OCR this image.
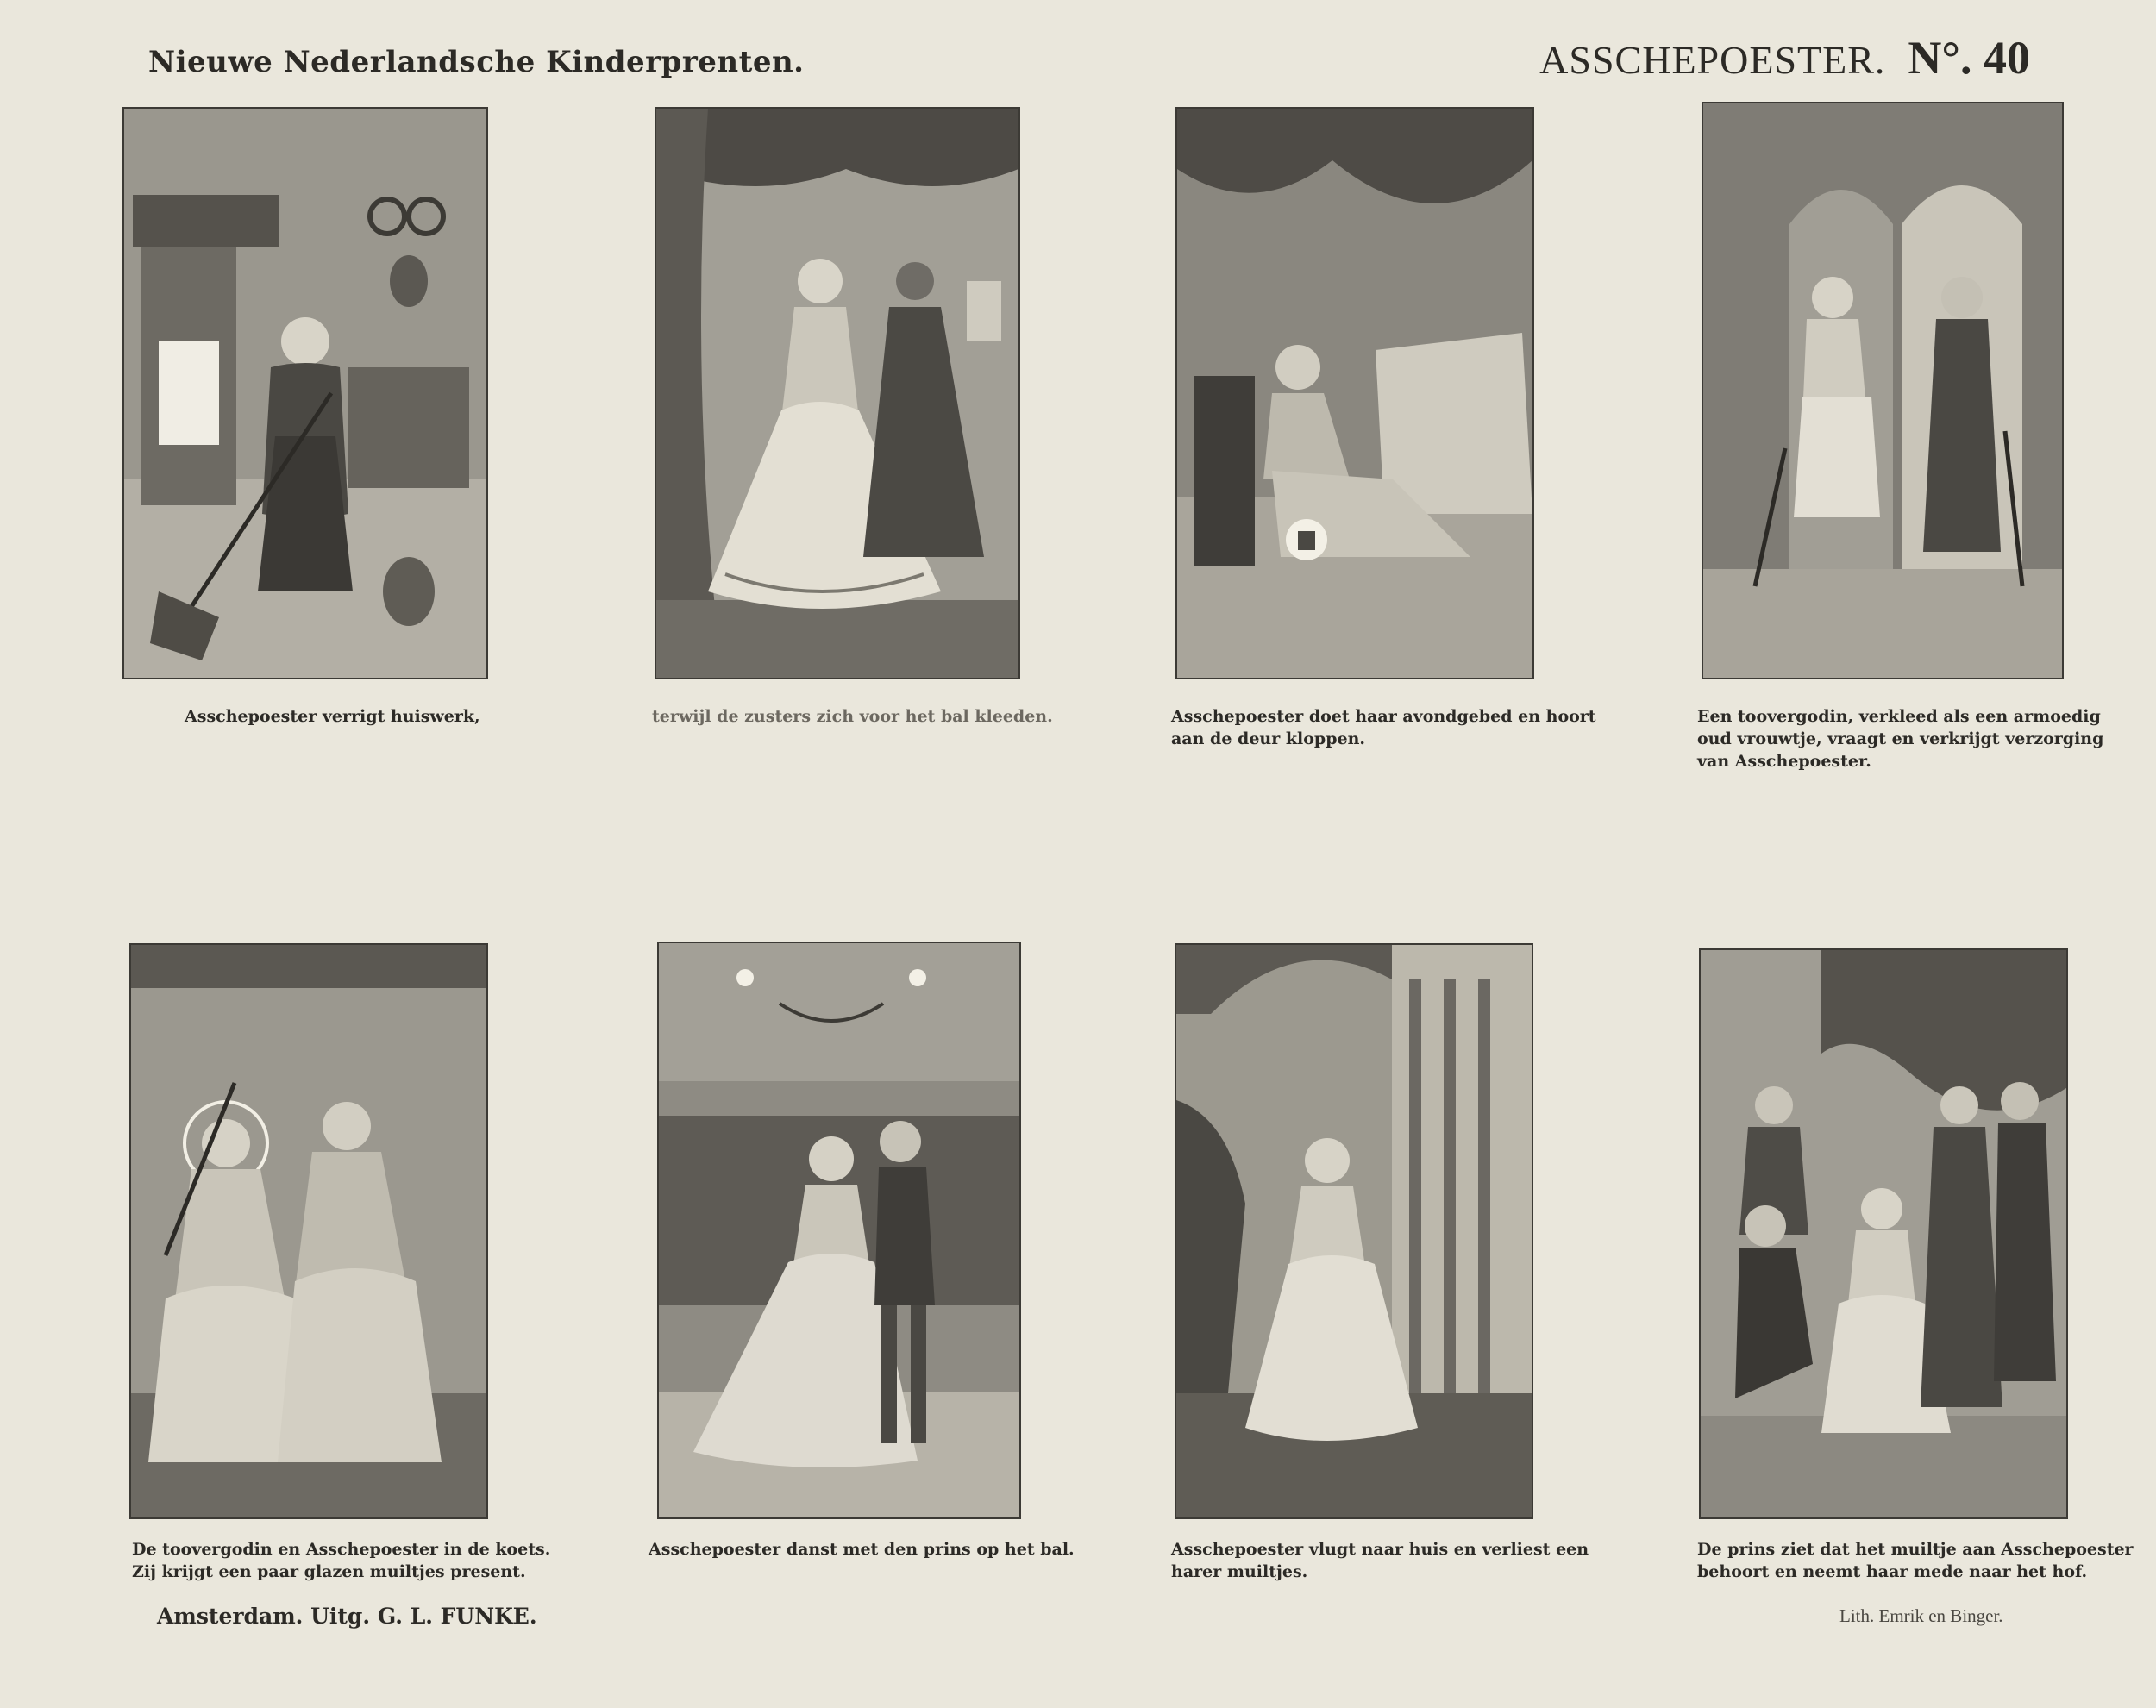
Nieuwe Nederlandsche Kinderprenten.	ASSCHEPOESTER. N°. 40
Asschepoester verrigt huiswerk,	terwijl de zusters zich voor het bal kleeden.	Asschepoester doet haar avondgebed en hoort
aan de deur kloppen.
Een toovergodin, verkleed als een armoedig
oud vrouwtje, vraagt en verkrijgt verzorging
van Asschepoester.
De toovergodin en Asschepoester in de koets.
Zij krijgt een paar glazen muiltjes present.
Asschepoester danst met den prins op het bal.	Asschepoester vlugt naar huis en verliest een
harer muiltjes.
De prins ziet dat het muiltje aan Asschepoester
behoort en neemt haar mede naar het hof.
Amsterdam. Uitg. G. L. FUNKE.	Lith. Emrik en Binger.
